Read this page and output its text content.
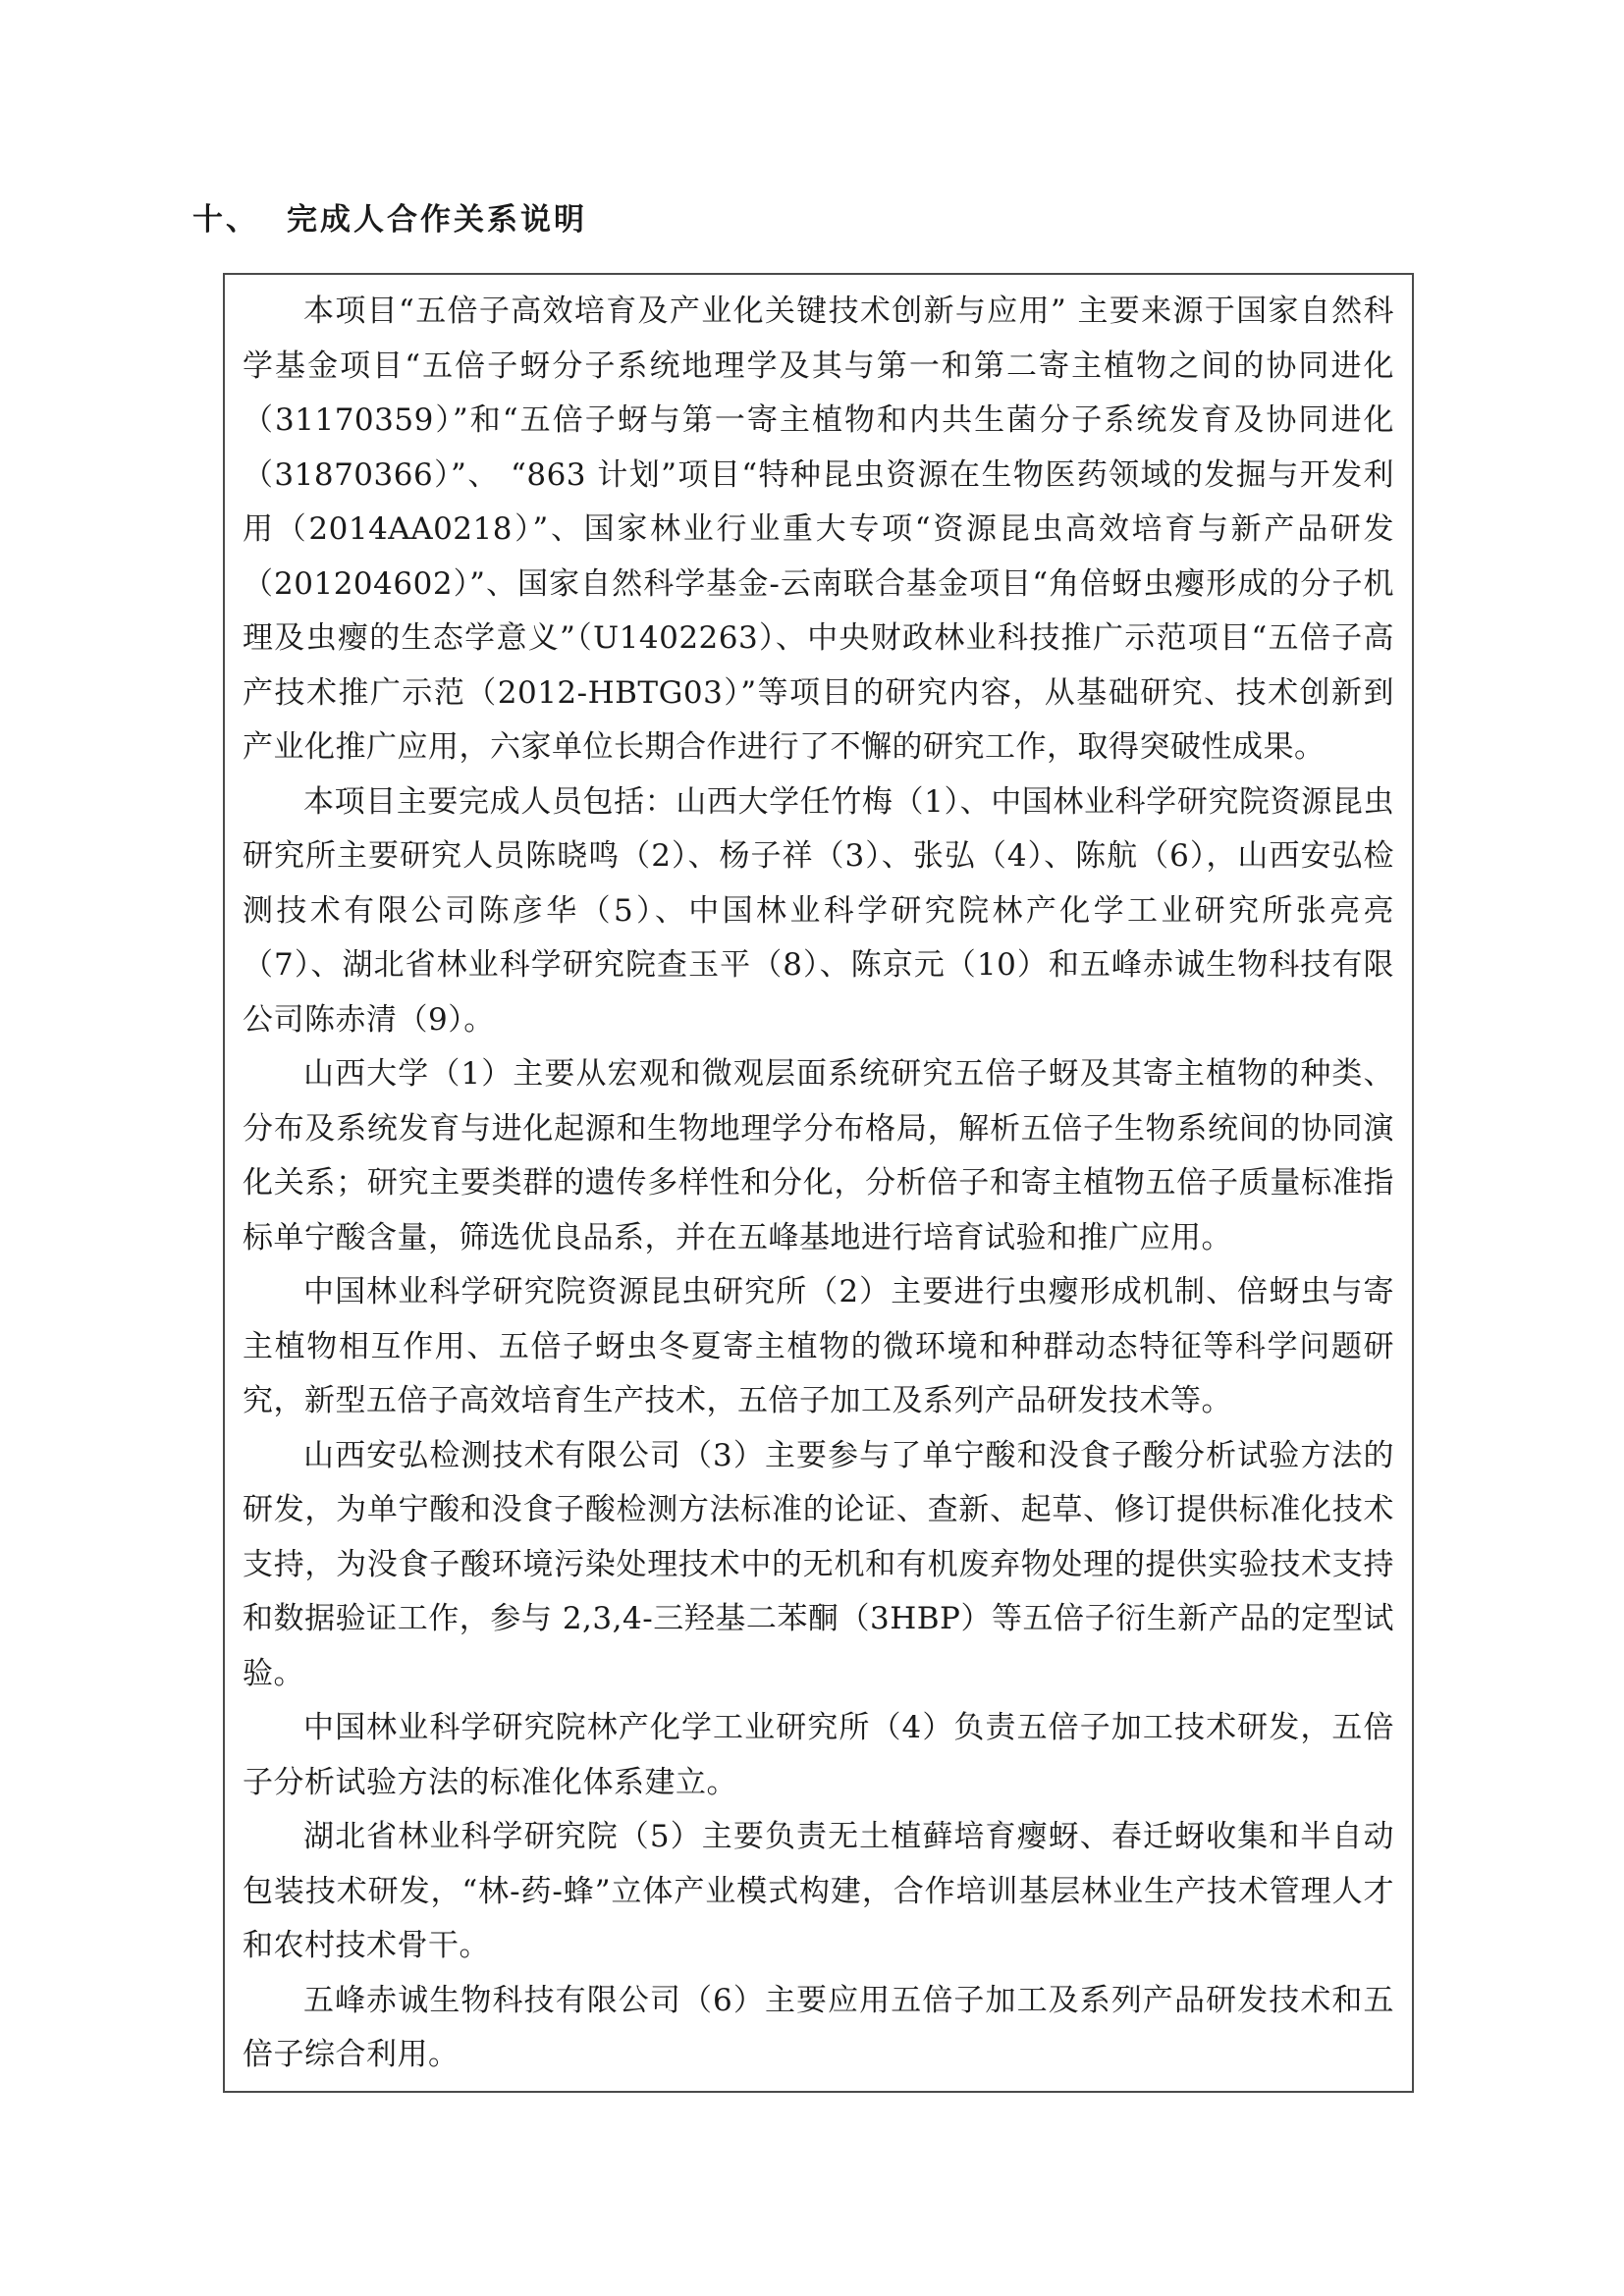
十、 完成人合作关系说明

本项目“五倍子高效培育及产业化关键技术创新与应用” 主要来源于国家自然科学基金项目“五倍子蚜分子系统地理学及其与第一和第二寄主植物之间的协同进化（31170359）”和“五倍子蚜与第一寄主植物和内共生菌分子系统发育及协同进化（31870366）”、 “863 计划”项目“特种昆虫资源在生物医药领域的发掘与开发利用（2014AA0218）”、国家林业行业重大专项“资源昆虫高效培育与新产品研发（201204602）”、国家自然科学基金-云南联合基金项目“角倍蚜虫瘿形成的分子机理及虫瘿的生态学意义”（U1402263）、中央财政林业科技推广示范项目“五倍子高产技术推广示范（2012-HBTG03）”等项目的研究内容，从基础研究、技术创新到产业化推广应用，六家单位长期合作进行了不懈的研究工作，取得突破性成果。

本项目主要完成人员包括：山西大学任竹梅（1）、中国林业科学研究院资源昆虫研究所主要研究人员陈晓鸣（2）、杨子祥（3）、张弘（4）、陈航（6），山西安弘检测技术有限公司陈彦华（5）、中国林业科学研究院林产化学工业研究所张亮亮（7）、湖北省林业科学研究院查玉平（8）、陈京元（10）和五峰赤诚生物科技有限公司陈赤清（9）。

山西大学（1）主要从宏观和微观层面系统研究五倍子蚜及其寄主植物的种类、分布及系统发育与进化起源和生物地理学分布格局，解析五倍子生物系统间的协同演化关系；研究主要类群的遗传多样性和分化，分析倍子和寄主植物五倍子质量标准指标单宁酸含量，筛选优良品系，并在五峰基地进行培育试验和推广应用。

中国林业科学研究院资源昆虫研究所（2）主要进行虫瘿形成机制、倍蚜虫与寄主植物相互作用、五倍子蚜虫冬夏寄主植物的微环境和种群动态特征等科学问题研究，新型五倍子高效培育生产技术，五倍子加工及系列产品研发技术等。

山西安弘检测技术有限公司（3）主要参与了单宁酸和没食子酸分析试验方法的研发，为单宁酸和没食子酸检测方法标准的论证、查新、起草、修订提供标准化技术支持，为没食子酸环境污染处理技术中的无机和有机废弃物处理的提供实验技术支持和数据验证工作，参与 2,3,4-三羟基二苯酮（3HBP）等五倍子衍生新产品的定型试验。

中国林业科学研究院林产化学工业研究所（4）负责五倍子加工技术研发，五倍子分析试验方法的标准化体系建立。

湖北省林业科学研究院（5）主要负责无土植藓培育瘿蚜、春迁蚜收集和半自动包装技术研发，“林-药-蜂”立体产业模式构建，合作培训基层林业生产技术管理人才和农村技术骨干。

五峰赤诚生物科技有限公司（6）主要应用五倍子加工及系列产品研发技术和五倍子综合利用。
